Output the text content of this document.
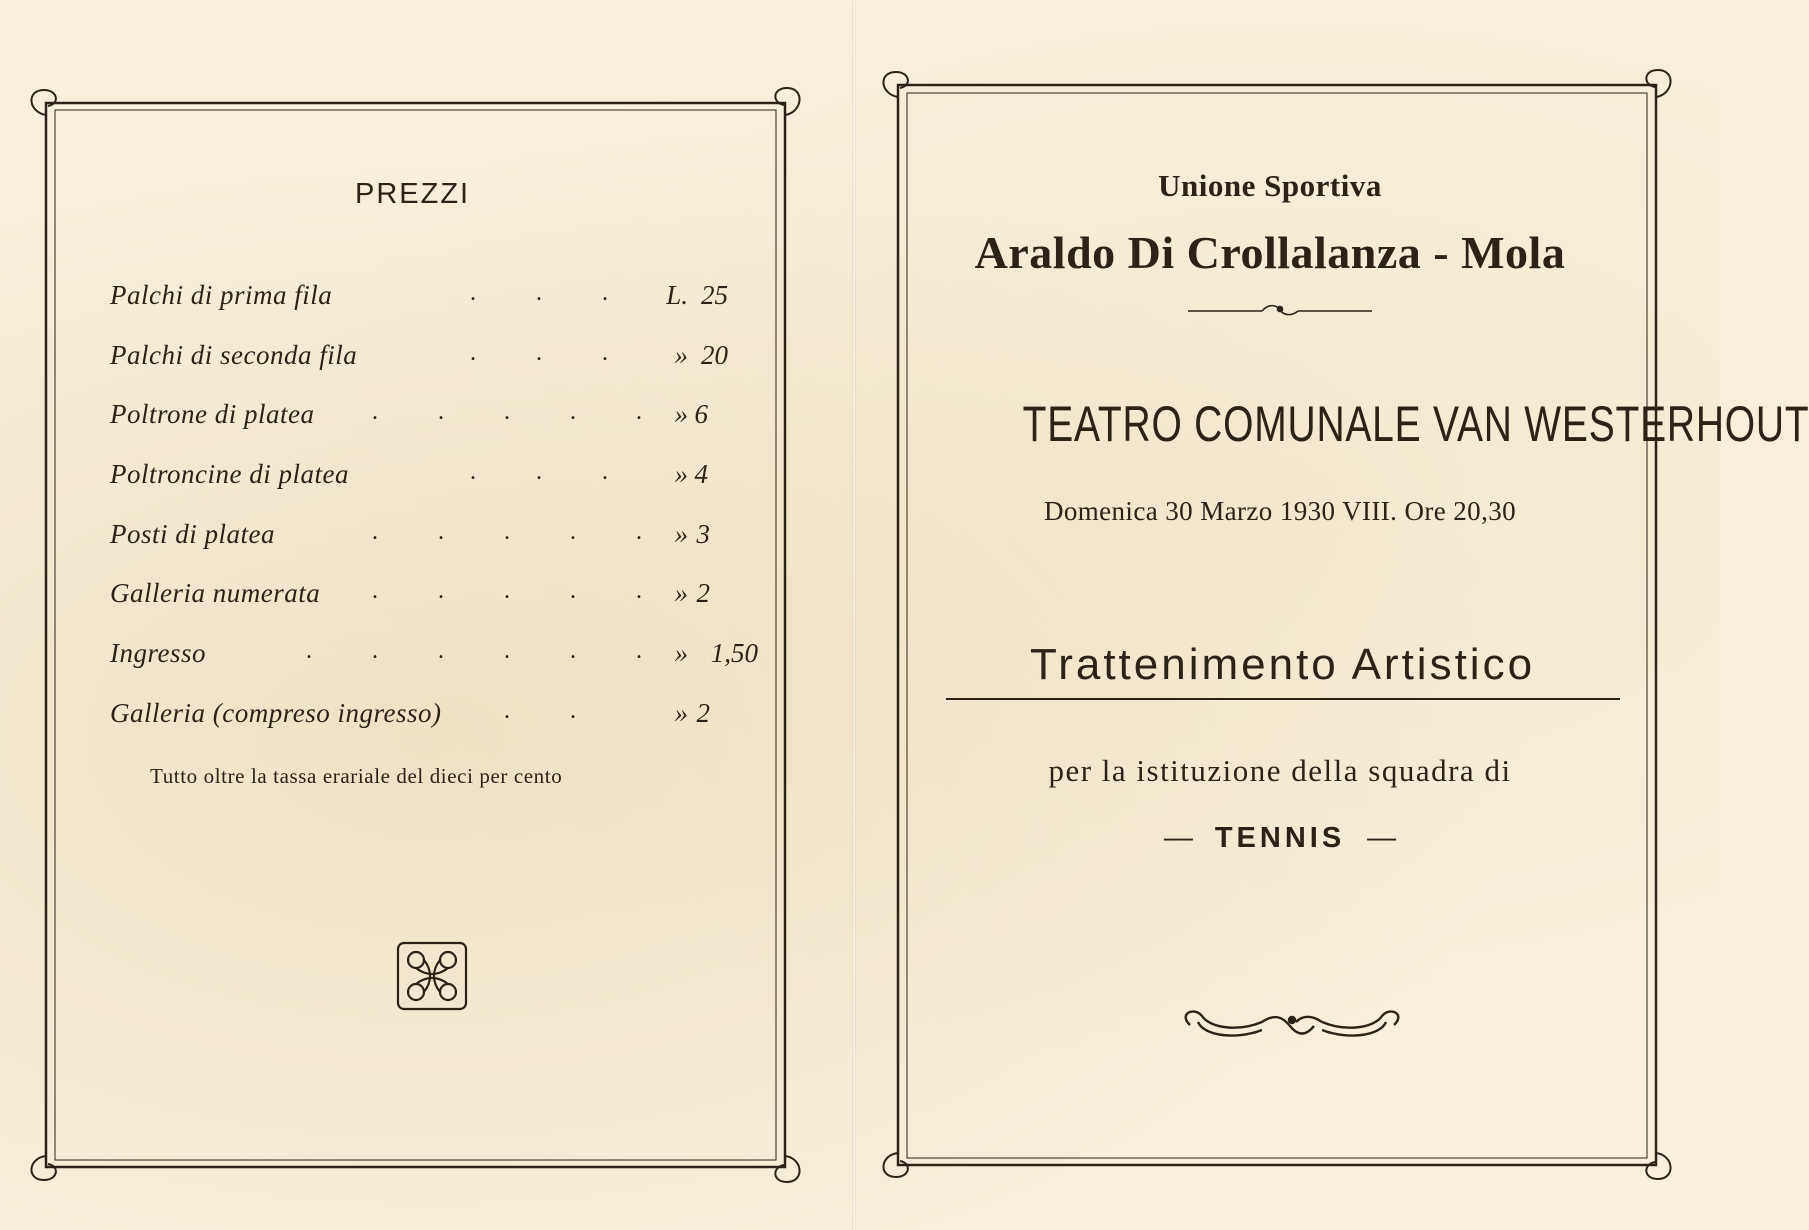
PREZZI
Palchi di prima fila	.	.	.	L. 25
Palchi di seconda fila	.	.	.	» 20
Poltrone di platea	.	.	.	.	.	» 6
Poltroncine di platea	.	.	.	» 4
Posti di platea	.	.	.	.	.	» 3
Galleria numerata	.	.	.	.	.	» 2
Ingresso	.	.	.	.	.	.	» 1,50
Galleria (compreso ingresso)	.	.	» 2
Tutto oltre la tassa erariale del dieci per cento
Unione Sportiva
Araldo Di Crollalanza - Mola
TEATRO COMUNALE VAN WESTERHOUT
Domenica 30 Marzo 1930 VIII. Ore 20,30
Trattenimento Artistico
per la istituzione della squadra di
— TENNIS —
